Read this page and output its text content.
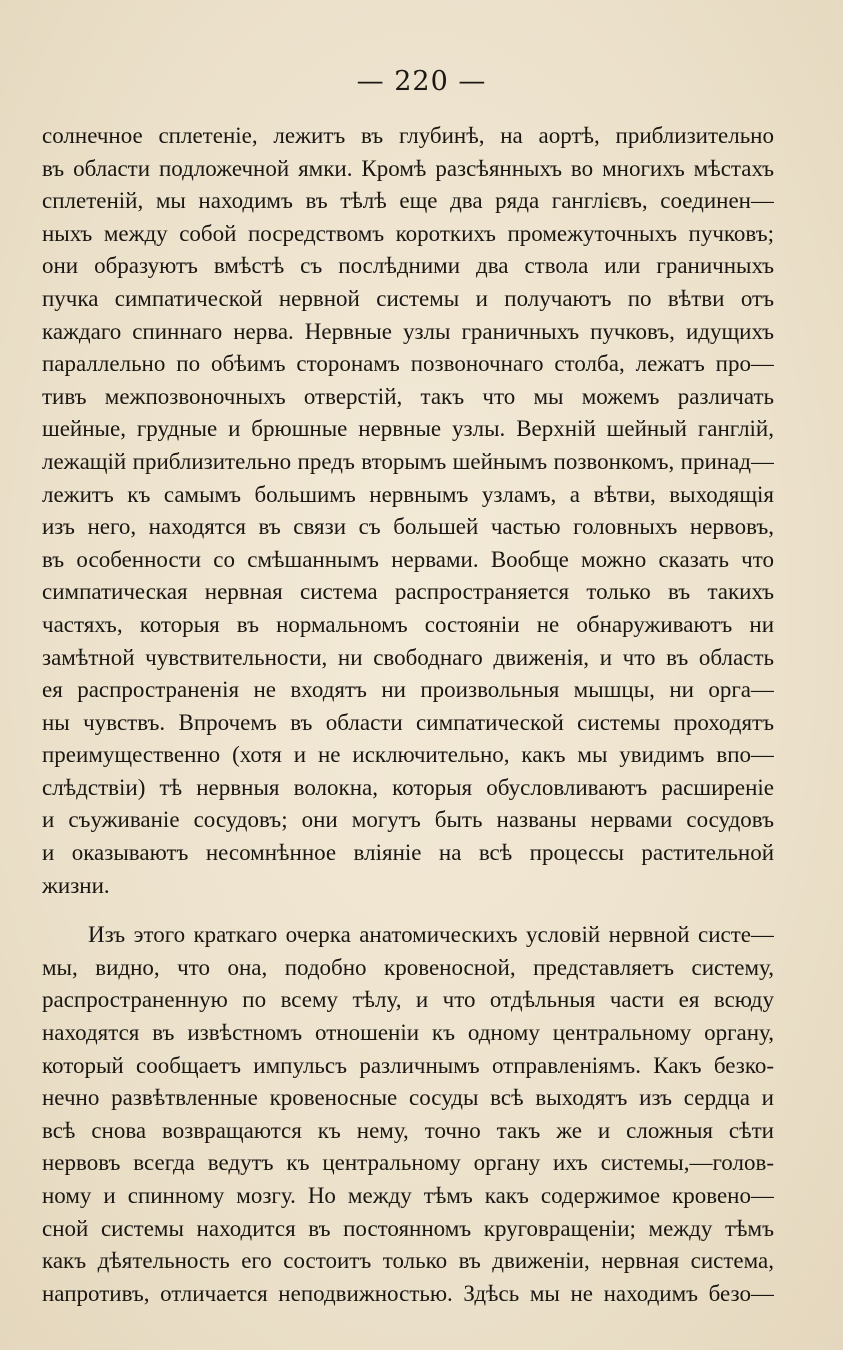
— 220 —
солнечное сплетеніе, лежитъ въ глубинѣ, на аортѣ, приблизительно
въ области подложечной ямки. Кромѣ разсѣянныхъ во многихъ мѣстахъ
сплетеній, мы находимъ въ тѣлѣ еще два ряда ганглієвъ, соединен—
ныхъ между собой посредствомъ короткихъ промежуточныхъ пучковъ;
они образуютъ вмѣстѣ съ послѣдними два ствола или граничныхъ
пучка симпатической нервной системы и получаютъ по вѣтви отъ
каждаго спиннаго нерва. Нервные узлы граничныхъ пучковъ, идущихъ
параллельно по обѣимъ сторонамъ позвоночнаго столба, лежатъ про—
тивъ межпозвоночныхъ отверстій, такъ что мы можемъ различать
шейные, грудные и брюшные нервные узлы. Верхній шейный ганглій,
лежащій приблизительно предъ вторымъ шейнымъ позвонкомъ, принад—
лежитъ къ самымъ большимъ нервнымъ узламъ, а вѣтви, выходящія
изъ него, находятся въ связи съ большей частью головныхъ нервовъ,
въ особенности со смѣшаннымъ нервами. Вообще можно сказать что
симпатическая нервная система распространяется только въ такихъ
частяхъ, которыя въ нормальномъ состояніи не обнаруживаютъ ни
замѣтной чувствительности, ни свободнаго движенія, и что въ область
ея распространенія не входятъ ни произвольныя мышцы, ни орга—
ны чувствъ. Впрочемъ въ области симпатической системы проходятъ
преимущественно (хотя и не исключительно, какъ мы увидимъ впо—
слѣдствіи) тѣ нервныя волокна, которыя обусловливаютъ расширеніе
и съуживаніе сосудовъ; они могутъ быть названы нервами сосудовъ
и оказываютъ несомнѣнное вліяніе на всѣ процессы растительной
жизни.
Изъ этого краткаго очерка анатомическихъ условій нервной систе—
мы, видно, что она, подобно кровеносной, представляетъ систему,
распространенную по всему тѣлу, и что отдѣльныя части ея всюду
находятся въ извѣстномъ отношеніи къ одному центральному органу,
который сообщаетъ импульсъ различнымъ отправленіямъ. Какъ безко-
нечно развѣтвленные кровеносные сосуды всѣ выходятъ изъ сердца и
всѣ снова возвращаются къ нему, точно такъ же и сложныя сѣти
нервовъ всегда ведутъ къ центральному органу ихъ системы,—голов-
ному и спинному мозгу. Но между тѣмъ какъ содержимое кровено—
сной системы находится въ постоянномъ круговращеніи; между тѣмъ
какъ дѣятельность его состоитъ только въ движеніи, нервная система,
напротивъ, отличается неподвижностью. Здѣсь мы не находимъ безо—
